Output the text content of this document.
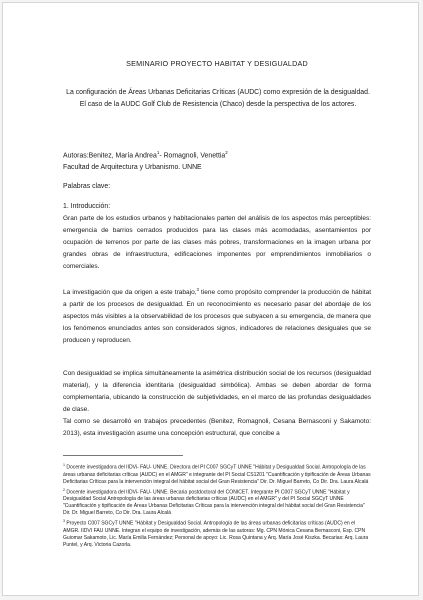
SEMINARIO PROYECTO HABITAT Y DESIGUALDAD
La configuración de Áreas Urbanas Deficitarias Críticas (AUDC) como expresión de la desigualdad. El caso de la AUDC Golf Club de Resistencia (Chaco) desde la perspectiva de los actores.
Autoras:Benitez, María Andrea$^1$- Romagnoli, Venettia$^2$
Facultad de Arquitectura y Urbanismo. UNNE
Palabras clave:
1. Introducción:
Gran parte de los estudios urbanos y habitacionales parten del análisis de los aspectos más perceptibles: emergencia de barrios cerrados producidos para las clases más acomodadas, asentamientos por ocupación de terrenos por parte de las clases más pobres, transformaciones en la imagen urbana por grandes obras de infraestructura, edificaciones imponentes por emprendimientos inmobiliarios o comerciales.
La investigación que da origen a este trabajo,$^3$ tiene como propósito comprender la producción de hábitat a partir de los procesos de desigualdad. En un reconocimiento es necesario pasar del abordaje de los aspectos más visibles a la observabilidad de los procesos que subyacen a su emergencia, de manera que los fenómenos enunciados antes son considerados signos, indicadores de relaciones desiguales que se producen y reproducen.
Con desigualdad se implica simultáneamente la asimétrica distribución social de los recursos (desigualdad material), y la diferencia identitaria (desigualdad simbólica). Ambas se deben abordar de forma complementaria, ubicando la construcción de subjetividades, en el marco de las profundas desigualdades de clase.
Tal como se desarrolló en trabajos precedentes (Benitez, Romagnoli, Cesana Bernasconi y Sakamoto: 2013), esta investigación asume una concepción estructural, que concibe a
$^1$ Docente investigadora del IIDVi- FAU- UNNE. Directora del PI C007 SGCyT UNNE "Hábitat y Desigualdad Social. Antropología de las áreas urbanas deficitarias críticas (AUDC) en el AMGR" e integrante del PI Social CS1201 "Cuantificación y tipificación de Áreas Urbanas Deficitarias Críticas para la intervención integral del hábitat social del Gran Resistencia" Dir. Dr. Miguel Barreto, Co Dir. Dra. Laura Alcalá
$^2$ Docente investigadora del IIDVi- FAU- UNNE. Becaria postdoctoral del CONICET. Integrante PI C007 SGCyT UNNE "Hábitat y Desigualdad Social Antropología de las áreas urbanas deficitarias críticas (AUDC) en el AMGR" y del PI Social SGCyT UNNE "Cuantificación y tipificación de Áreas Urbanas Deficitarias Críticas para la intervención integral del hábitat social del Gran Resistencia" Dir. Dr. Miguel Barreto, Co Dir. Dra. Laura Alcalá
$^3$ Proyecto C007 SGCyT UNNE "Hábitat y Desigualdad Social. Antropología de las áreas urbanas deficitarias críticas (AUDC) en el AMGR. IIDVI FAU UNNE. Integran el equipo de investigación, además de las autoras: Mg. CPN Mónica Cesana Bernasconi, Esp. CPN Guiomar Sakamoto, Lic. María Emilia Fernández; Personal de apoyo: Lic. Rosa Quintana y Arq. María José Kiszka. Becarias: Arq. Laura Puntel, y Arq. Victoria Cazorla.
